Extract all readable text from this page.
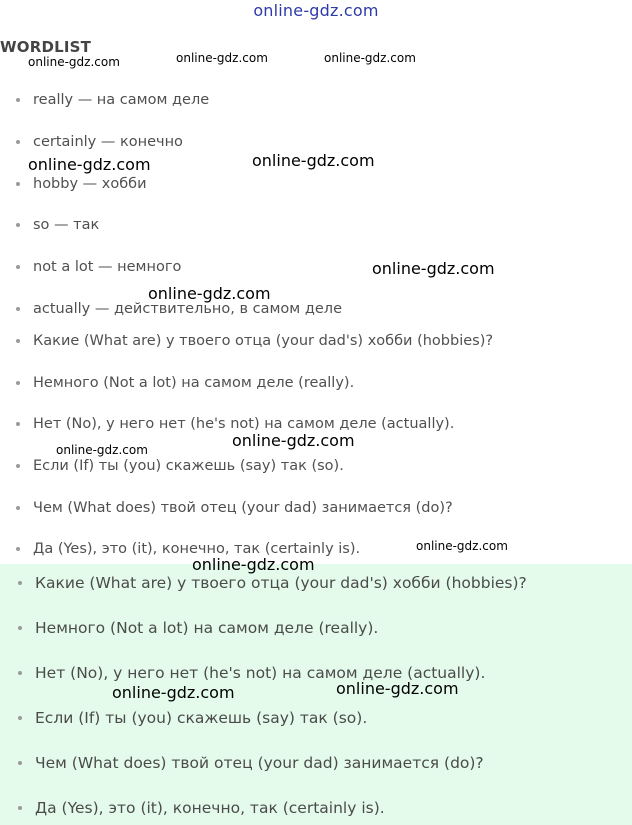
online-gdz.com
WORDLIST
really — на самом деле
certainly — конечно
hobby — хобби
so — так
not a lot — немного
actually — действительно, в самом деле
Какие (What are) у твоего отца (your dad's) хобби (hobbies)?
Немного (Not a lot) на самом деле (really).
Нет (No), у него нет (he's not) на самом деле (actually).
Если (If) ты (you) скажешь (say) так (so).
Чем (What does) твой отец (your dad) занимается (do)?
Да (Yes), это (it), конечно, так (certainly is).
Какие (What are) у твоего отца (your dad's) хобби (hobbies)?
Немного (Not a lot) на самом деле (really).
Нет (No), у него нет (he's not) на самом деле (actually).
Если (If) ты (you) скажешь (say) так (so).
Чем (What does) твой отец (your dad) занимается (do)?
Да (Yes), это (it), конечно, так (certainly is).
online-gdz.com	online-gdz.com	online-gdz.com
online-gdz.com	online-gdz.com
online-gdz.com
online-gdz.com
online-gdz.com
online-gdz.com
online-gdz.com
online-gdz.com
online-gdz.com	online-gdz.com
